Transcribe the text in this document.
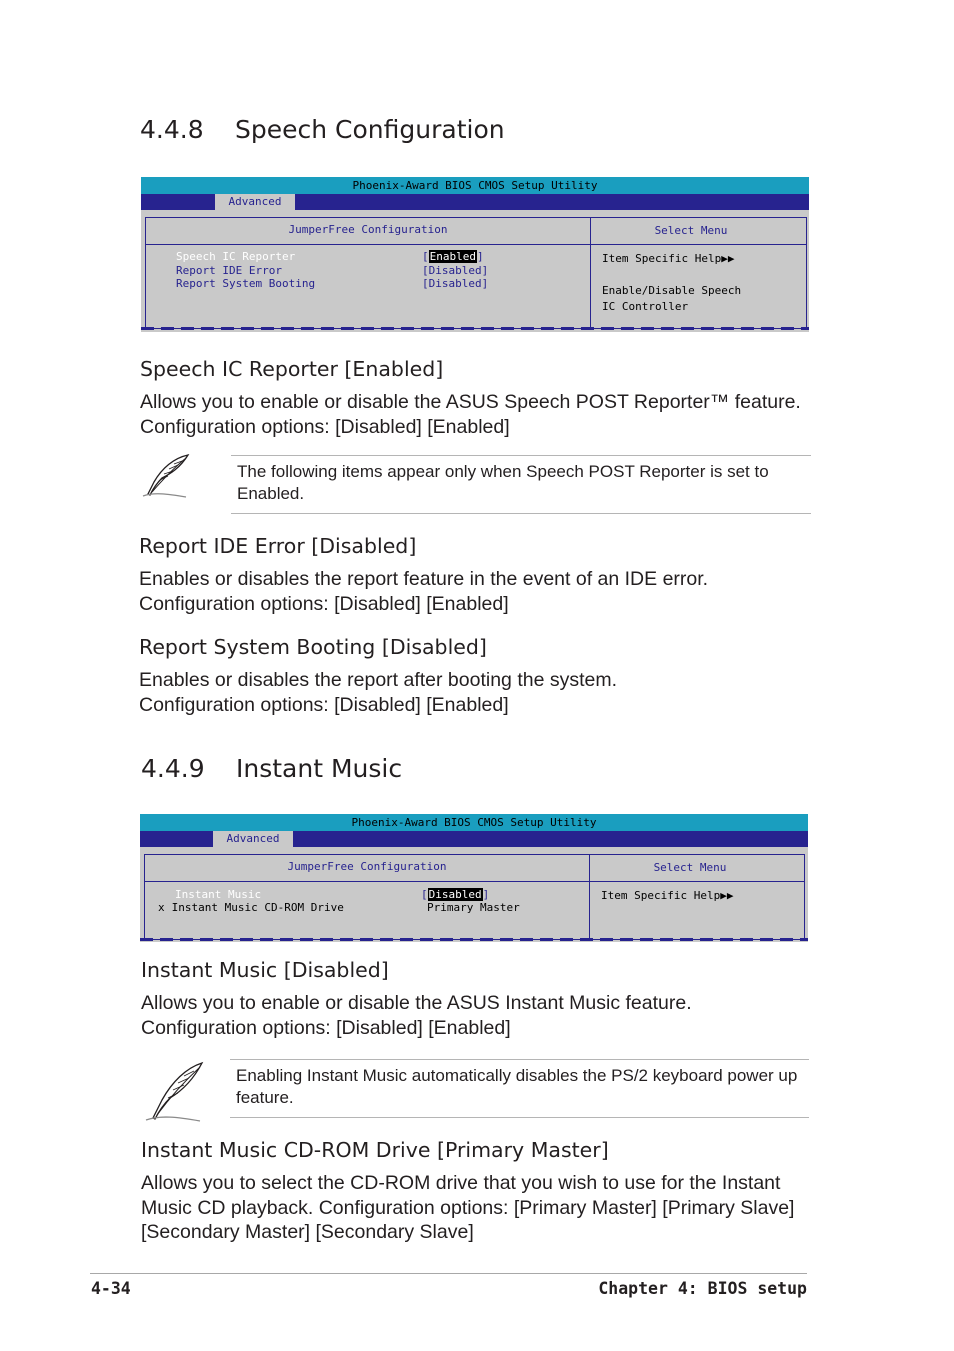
4.4.8 Speech Configuration
Phoenix-Award BIOS CMOS Setup Utility
Advanced
JumperFree Configuration	Select Menu
Speech IC Reporter	[Enabled]
Report IDE Error	[Disabled]
Report System Booting	[Disabled]
Item Specific Help▶▶
Enable/Disable Speech
IC Controller
Speech IC Reporter [Enabled]
Allows you to enable or disable the ASUS Speech POST Reporter™ feature.
Configuration options: [Disabled] [Enabled]
The following items appear only when Speech POST Reporter is set to Enabled.
Report IDE Error [Disabled]
Enables or disables the report feature in the event of an IDE error.
Configuration options: [Disabled] [Enabled]
Report System Booting [Disabled]
Enables or disables the report after booting the system.
Configuration options: [Disabled] [Enabled]
4.4.9 Instant Music
Phoenix-Award BIOS CMOS Setup Utility
Advanced
JumperFree Configuration	Select Menu
Instant Music	[Disabled]
x Instant Music CD-ROM Drive	Primary Master
Item Specific Help▶▶
Instant Music [Disabled]
Allows you to enable or disable the ASUS Instant Music feature.
Configuration options: [Disabled] [Enabled]
Enabling Instant Music automatically disables the PS/2 keyboard power up feature.
Instant Music CD-ROM Drive [Primary Master]
Allows you to select the CD-ROM drive that you wish to use for the Instant
Music CD playback. Configuration options: [Primary Master] [Primary Slave]
[Secondary Master] [Secondary Slave]
4-34	Chapter 4: BIOS setup
